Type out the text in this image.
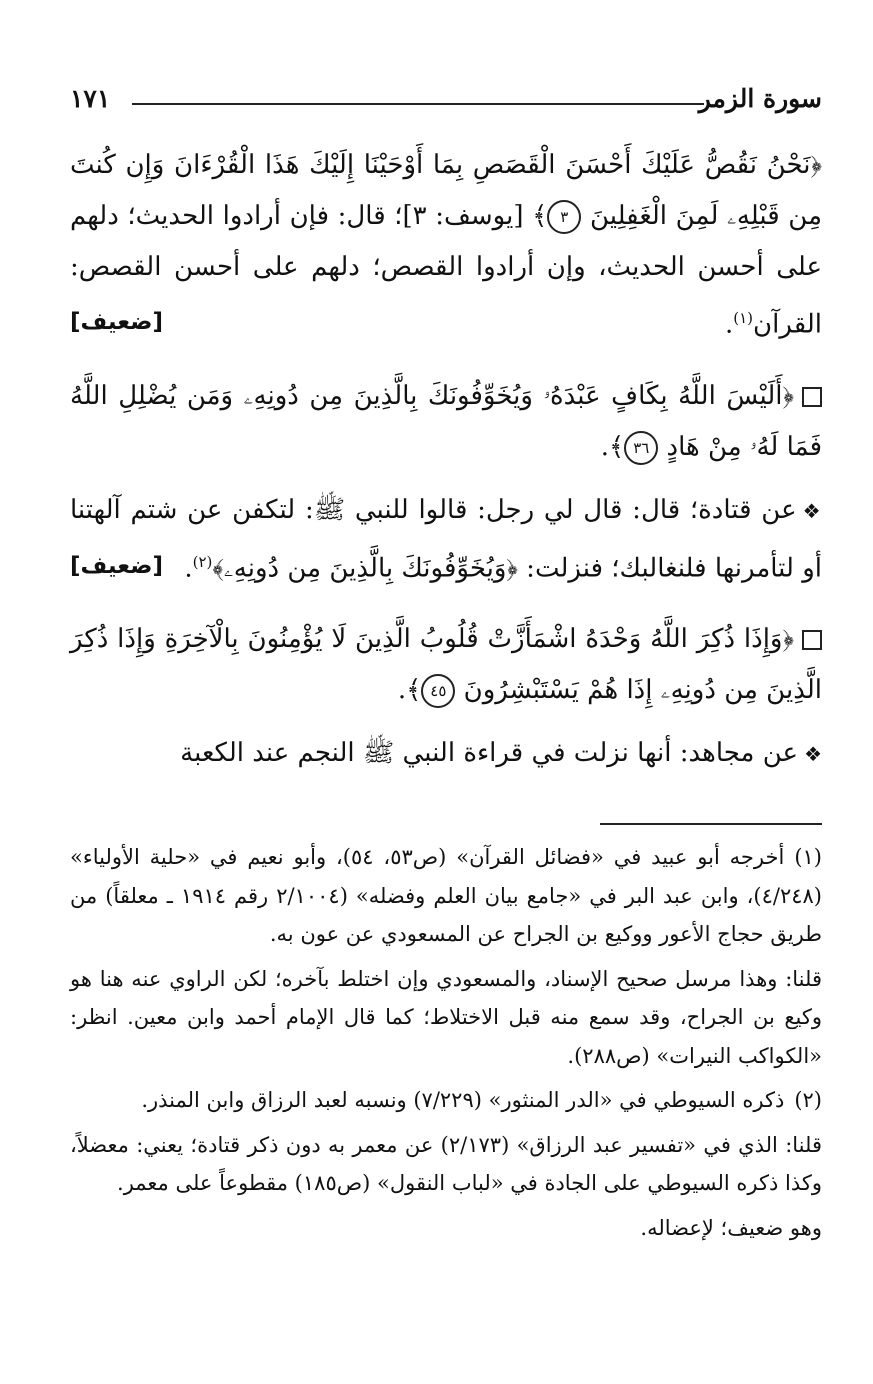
سورة الزمر
١٧١

﴿نَحْنُ نَقُصُّ عَلَيْكَ أَحْسَنَ الْقَصَصِ بِمَا أَوْحَيْنَا إِلَيْكَ هَذَا الْقُرْءَانَ وَإِن كُنتَ مِن قَبْلِهِۦ لَمِنَ الْغَفِلِينَ ٣﴾ [يوسف: ٣]؛ قال: فإن أرادوا الحديث؛ دلهم على أحسن الحديث، وإن أرادوا القصص؛ دلهم على أحسن القصص: القرآن$^{(١)}$.
[ضعيف]

﴿أَلَيْسَ اللَّهُ بِكَافٍ عَبْدَهُۥ وَيُخَوِّفُونَكَ بِالَّذِينَ مِن دُونِهِۦ وَمَن يُضْلِلِ اللَّهُ فَمَا لَهُۥ مِنْ هَادٍ ٣٦﴾.

❖عن قتادة؛ قال: قال لي رجل: قالوا للنبي ﷺ: لتكفن عن شتم آلهتنا أو لتأمرنها فلنغالبك؛ فنزلت: ﴿وَيُخَوِّفُونَكَ بِالَّذِينَ مِن دُونِهِۦ﴾$^{(٢)}$.
[ضعيف]

﴿وَإِذَا ذُكِرَ اللَّهُ وَحْدَهُ اشْمَأَزَّتْ قُلُوبُ الَّذِينَ لَا يُؤْمِنُونَ بِالْآخِرَةِ وَإِذَا ذُكِرَ الَّذِينَ مِن دُونِهِۦ إِذَا هُمْ يَسْتَبْشِرُونَ ٤٥﴾.

❖عن مجاهد: أنها نزلت في قراءة النبي ﷺ النجم عند الكعبة

(١)أخرجه أبو عبيد في «فضائل القرآن» (ص٥٣، ٥٤)، وأبو نعيم في «حلية الأولياء» (٤/٢٤٨)، وابن عبد البر في «جامع بيان العلم وفضله» (٢/١٠٠٤ رقم ١٩١٤ ـ معلقاً) من طريق حجاج الأعور ووكيع بن الجراح عن المسعودي عن عون به.

قلنا: وهذا مرسل صحيح الإسناد، والمسعودي وإن اختلط بآخره؛ لكن الراوي عنه هنا هو وكيع بن الجراح، وقد سمع منه قبل الاختلاط؛ كما قال الإمام أحمد وابن معين. انظر: «الكواكب النيرات» (ص٢٨٨).

(٢)ذكره السيوطي في «الدر المنثور» (٧/٢٢٩) ونسبه لعبد الرزاق وابن المنذر.

قلنا: الذي في «تفسير عبد الرزاق» (٢/١٧٣) عن معمر به دون ذكر قتادة؛ يعني: معضلاً، وكذا ذكره السيوطي على الجادة في «لباب النقول» (ص١٨٥) مقطوعاً على معمر.

وهو ضعيف؛ لإعضاله.
